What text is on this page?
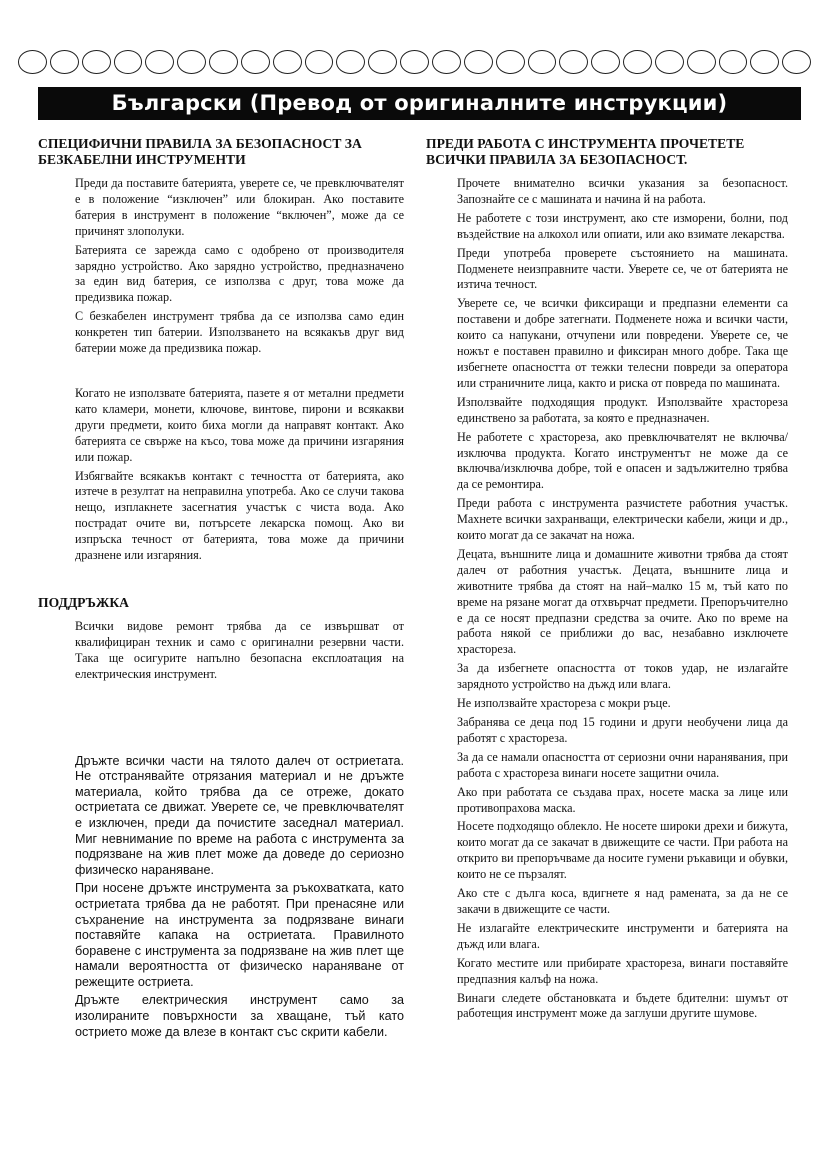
Български (Превод от оригиналните инструкции)
СПЕЦИФИЧНИ ПРАВИЛА ЗА БЕЗОПАСНОСТ ЗА БЕЗКАБЕЛНИ ИНСТРУМЕНТИ

Преди да поставите батерията, уверете се, че превключвателят е в положение “изключен” или блокиран. Ако поставите батерия в инструмент в положение “включен”, може да се причинят злополуки.

Батерията се зарежда само с одобрено от производителя зарядно устройство. Ако зарядно устройство, предназначено за един вид батерия, се използва с друг, това може да предизвика пожар.

С безкабелен инструмент трябва да се използва само един конкретен тип батерии. Използването на всякакъв друг вид батерии може да предизвика пожар.

Когато не използвате батерията, пазете я от метални предмети като кламери, монети, ключове, винтове, пирони и всякакви други предмети, които биха могли да направят контакт. Ако батерията се свърже на късо, това може да причини изгаряния или пожар.

Избягвайте всякакъв контакт с течността от батерията, ако изтече в резултат на неправилна употреба. Ако се случи такова нещо, изплакнете засегнатия участък с чиста вода. Ако пострадат очите ви, потърсете лекарска помощ. Ако ви изпръска течност от батерията, това може да причини дразнене или изгаряния.

ПОДДРЪЖКА

Всички видове ремонт трябва да се извършват от квалифициран техник и само с оригинални резервни части. Така ще осигурите напълно безопасна експлоатация на електрическия инструмент.

Дръжте всички части на тялото далеч от остриетата. Не отстранявайте отрязания материал и не дръжте материала, който трябва да се отреже, докато остриетата се движат. Уверете се, че превключвателят е изключен, преди да почистите заседнал материал. Миг невнимание по време на работа с инструмента за подрязване на жив плет може да доведе до сериозно физическо нараняване.

При носене дръжте инструмента за ръкохватката, като остриетата трябва да не работят. При пренасяне или съхранение на инструмента за подрязване винаги поставяйте капака на остриетата. Правилното боравене с инструмента за подрязване на жив плет ще намали вероятността от физическо нараняване от режещите остриета.

Дръжте електрическия инструмент само за изолираните повърхности за хващане, тъй като острието може да влезе в контакт със скрити кабели.

ПРЕДИ РАБОТА С ИНСТРУМЕНТА ПРОЧЕТЕТЕ ВСИЧКИ ПРАВИЛА ЗА БЕЗОПАСНОСТ.

Прочете внимателно всички указания за безопасност. Запознайте се с машината и начина й на работа.

Не работете с този инструмент, ако сте изморени, болни, под въздействие на алкохол или опиати, или ако взимате лекарства.

Преди употреба проверете състоянието на машината. Подменете неизправните части. Уверете се, че от батерията не изтича течност.

Уверете се, че всички фиксиращи и предпазни елементи са поставени и добре затегнати. Подменете ножа и всички части, които са напукани, отчупени или повредени. Уверете се, че ножът е поставен правилно и фиксиран много добре. Така ще избегнете опасността от тежки телесни повреди за оператора или страничните лица, както и риска от повреда по машината.

Използвайте подходящия продукт. Използвайте храсторезa единствено за работата, за която е предназначен.

Не работете с храсторезa, ако превключвателят не включва/изключва продукта. Когато инструментът не може да се включва/изключва добре, той е опасен и задължително трябва да се ремонтира.

Преди работа с инструмента разчистете работния участък. Махнете всички захранващи, електрически кабели, жици и др., които могат да се закачат на ножа.

Децата, външните лица и домашните животни трябва да стоят далеч от работния участък. Децата, външните лица и животните трябва да стоят на най–малко 15 м, тъй като по време на рязане могат да отхвърчат предмети. Препоръчително е да се носят предпазни средства за очите. Ако по време на работа някой се приближи до вас, незабавно изключете храстореза.

За да избегнете опасността от токов удар, не излагайте зарядното устройство на дъжд или влага.

Не използвайте храстореза с мокри ръце.

Забранява се деца под 15 години и други необучени лица да работят с храстореза.

За да се намали опасността от сериозни очни наранявания, при работа с храстореза винаги носете защитни очила.

Ако при работата се създава прах, носете маска за лице или противопрахова маска.

Носете подходящо облекло. Не носете широки дрехи и бижута, които могат да се закачат в движещите се части. При работа на открито ви препоръчваме да носите гумени ръкавици и обувки, които не се пързалят.

Ако сте с дълга коса, вдигнете я над рамената, за да не се закачи в движещите се части.

Не излагайте електрическите инструменти и батерията на дъжд или влага.

Когато местите или прибирате храстореза, винаги поставяйте предпазния калъф на ножа.

Винаги следете обстановката и бъдете бдителни: шумът от работещия инструмент може да заглуши другите шумове.
